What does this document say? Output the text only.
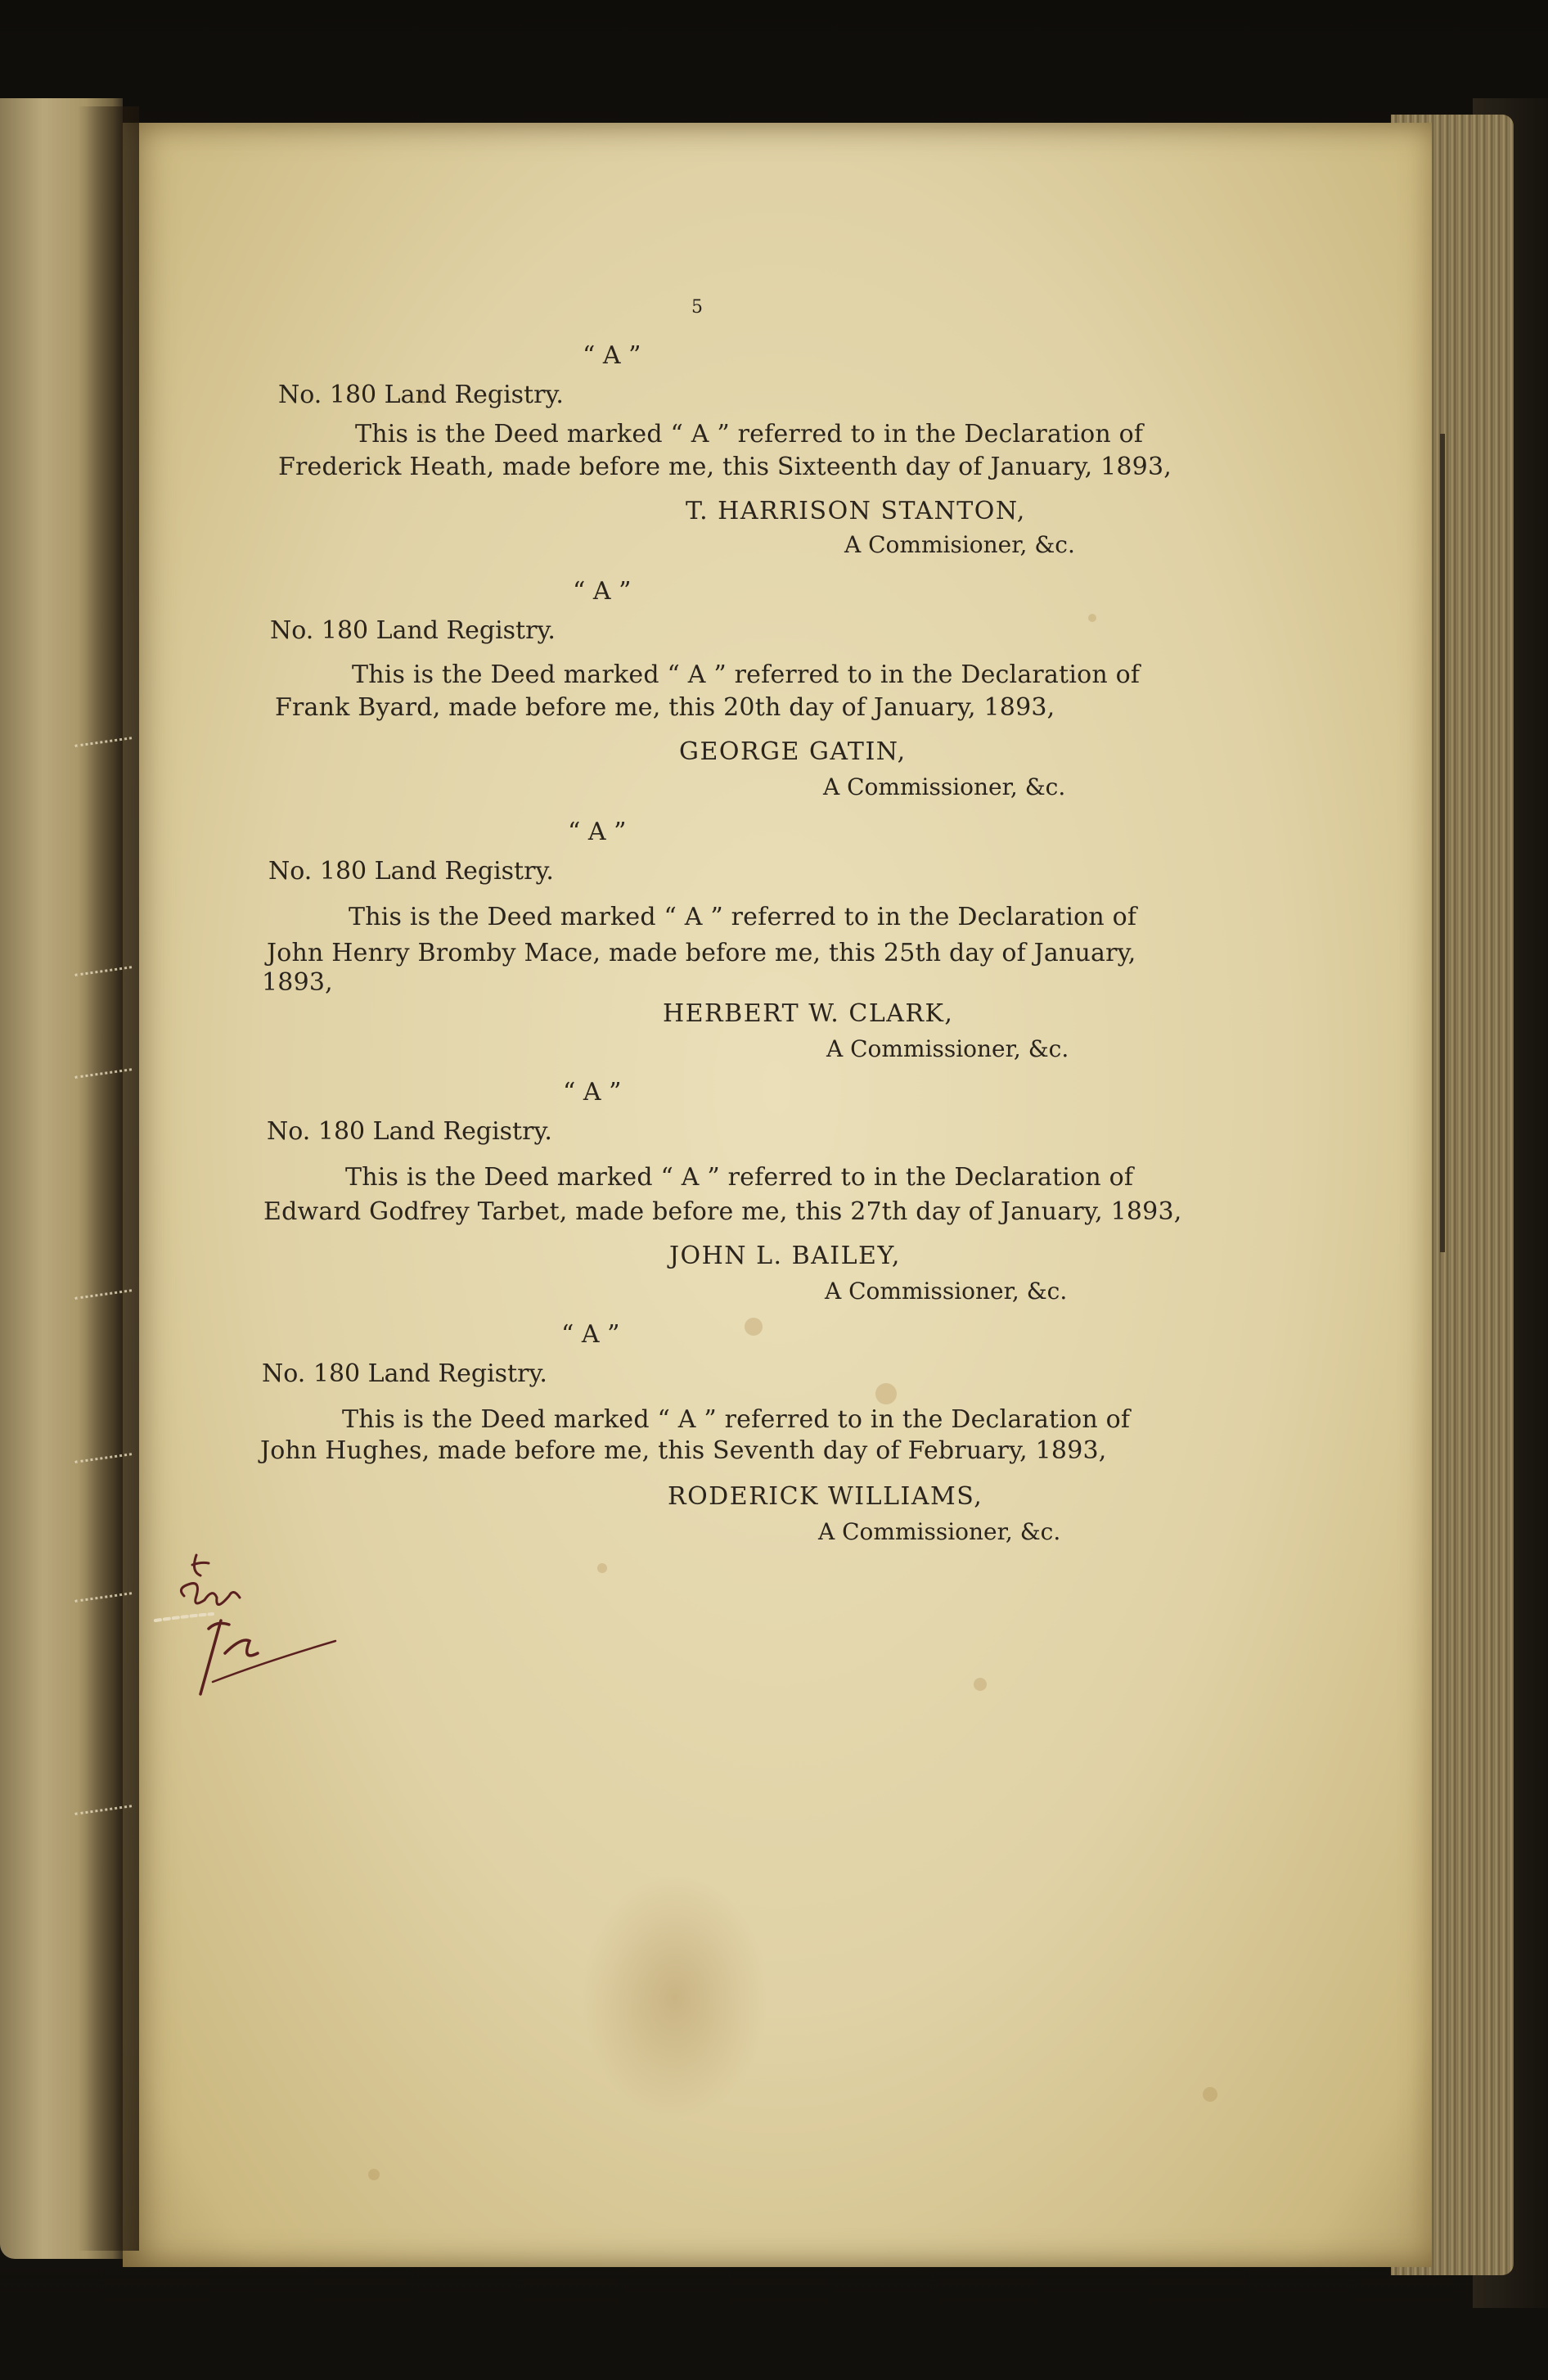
5
“ A ”
No. 180 Land Registry.
This is the Deed marked “ A ” referred to in the Declaration of
Frederick Heath, made before me, this Sixteenth day of January, 1893,
T. HARRISON STANTON,
A Commisioner, &c.
“ A ”
No. 180 Land Registry.
This is the Deed marked “ A ” referred to in the Declaration of
Frank Byard, made before me, this 20th day of January, 1893,
GEORGE GATIN,
A Commissioner, &c.
“ A ”
No. 180 Land Registry.
This is the Deed marked “ A ” referred to in the Declaration of
John Henry Bromby Mace, made before me, this 25th day of January,
1893,
HERBERT W. CLARK,
A Commissioner, &c.
“ A ”
No. 180 Land Registry.
This is the Deed marked “ A ” referred to in the Declaration of
Edward Godfrey Tarbet, made before me, this 27th day of January, 1893,
JOHN L. BAILEY,
A Commissioner, &c.
“ A ”
No. 180 Land Registry.
This is the Deed marked “ A ” referred to in the Declaration of
John Hughes, made before me, this Seventh day of February, 1893,
RODERICK WILLIAMS,
A Commissioner, &c.
